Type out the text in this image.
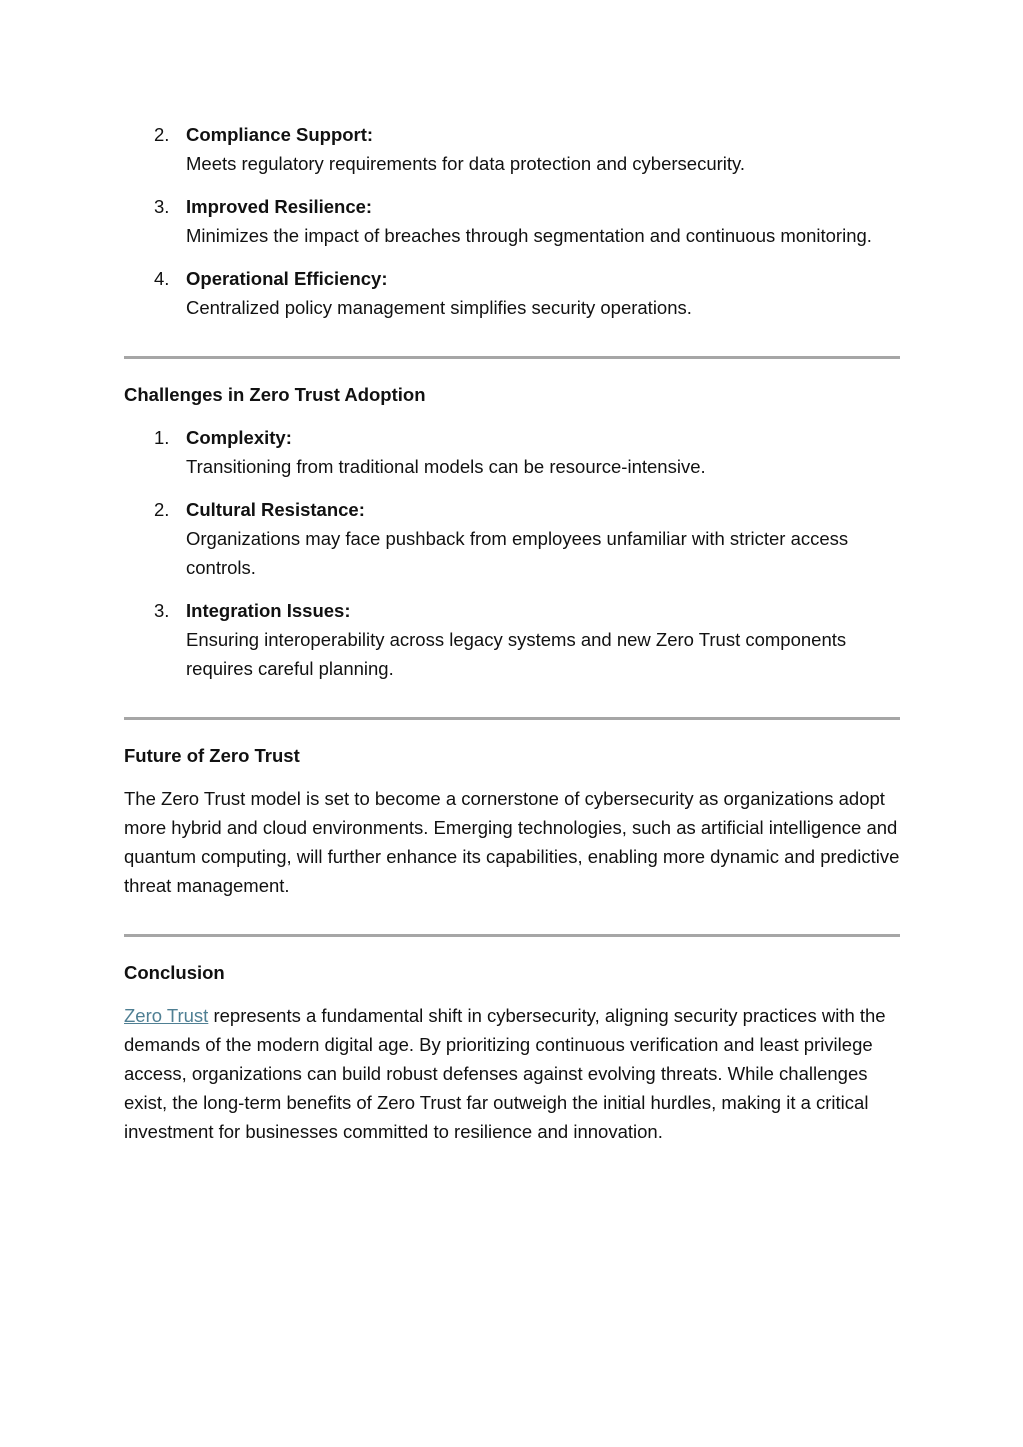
2. Compliance Support:
Meets regulatory requirements for data protection and cybersecurity.
3. Improved Resilience:
Minimizes the impact of breaches through segmentation and continuous monitoring.
4. Operational Efficiency:
Centralized policy management simplifies security operations.
Challenges in Zero Trust Adoption
1. Complexity:
Transitioning from traditional models can be resource-intensive.
2. Cultural Resistance:
Organizations may face pushback from employees unfamiliar with stricter access controls.
3. Integration Issues:
Ensuring interoperability across legacy systems and new Zero Trust components requires careful planning.
Future of Zero Trust

The Zero Trust model is set to become a cornerstone of cybersecurity as organizations adopt more hybrid and cloud environments. Emerging technologies, such as artificial intelligence and quantum computing, will further enhance its capabilities, enabling more dynamic and predictive threat management.

Conclusion

Zero Trust represents a fundamental shift in cybersecurity, aligning security practices with the demands of the modern digital age. By prioritizing continuous verification and least privilege access, organizations can build robust defenses against evolving threats. While challenges exist, the long-term benefits of Zero Trust far outweigh the initial hurdles, making it a critical investment for businesses committed to resilience and innovation.
